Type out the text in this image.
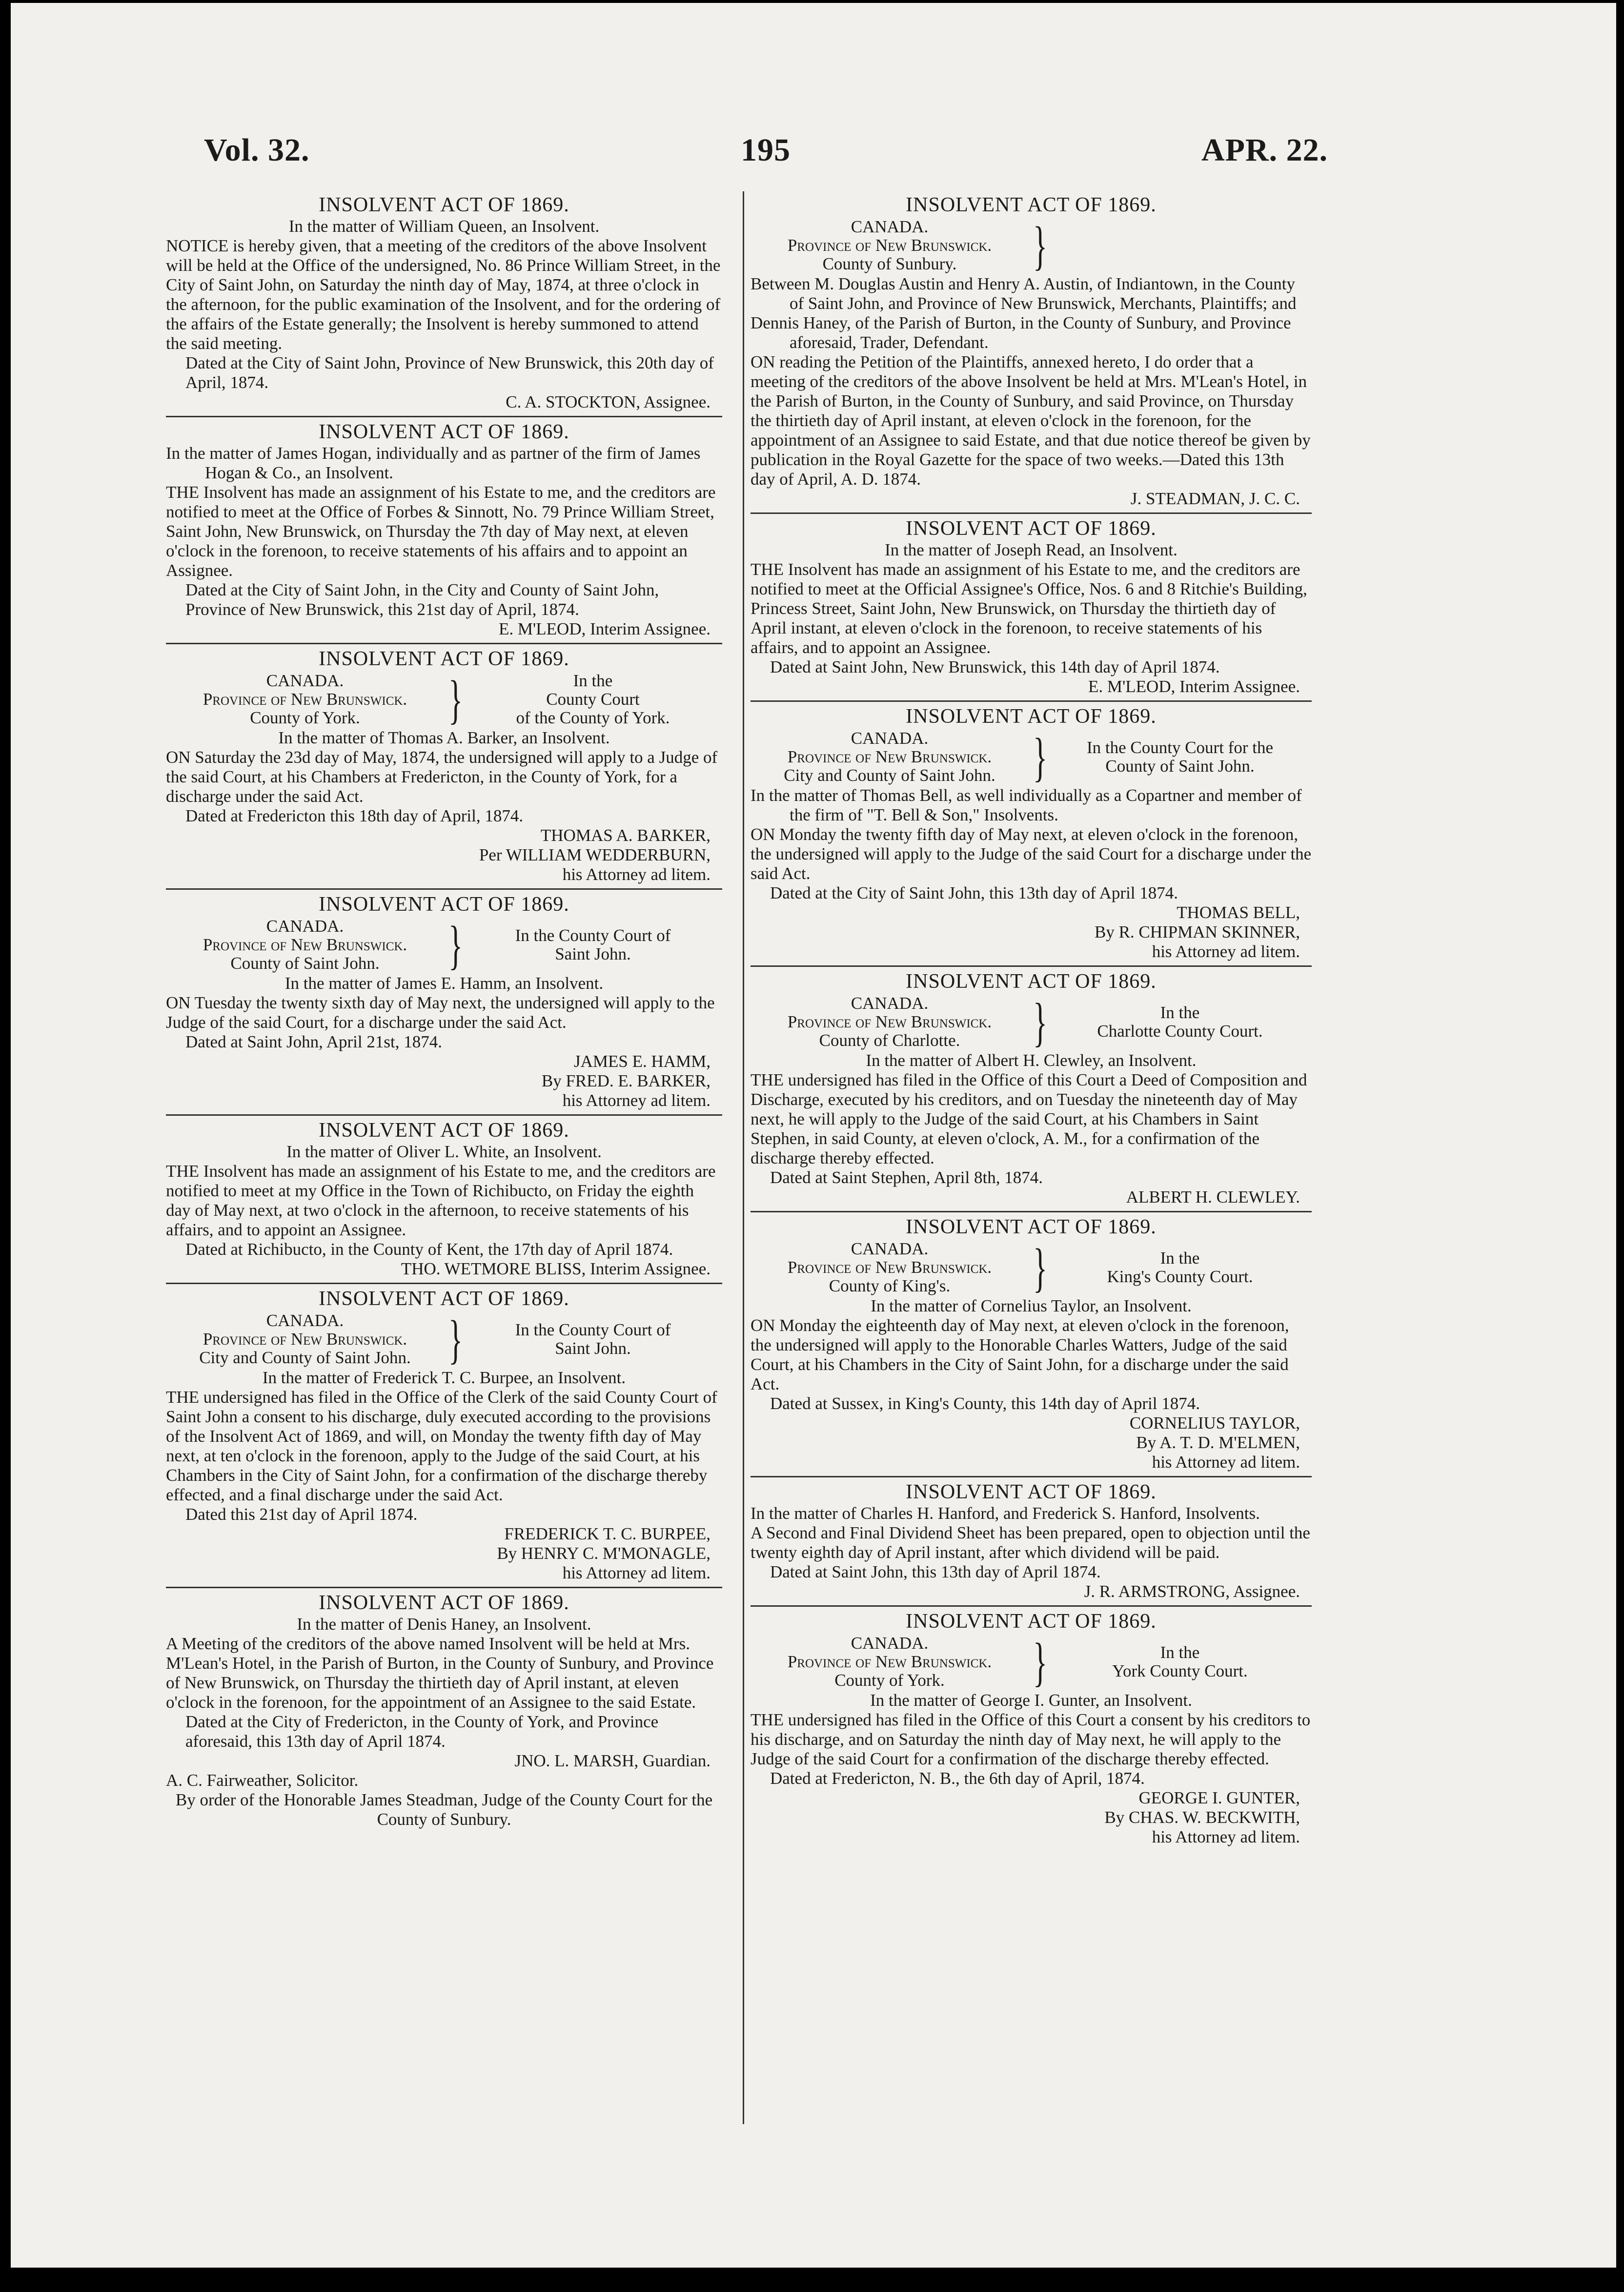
Vol. 32.	195	APR. 22.
INSOLVENT ACT OF 1869.

In the matter of William Queen, an Insolvent.

NOTICE is hereby given, that a meeting of the creditors of the above Insolvent will be held at the Office of the undersigned, No. 86 Prince William Street, in the City of Saint John, on Saturday the ninth day of May, 1874, at three o'clock in the afternoon, for the public examination of the Insolvent, and for the ordering of the affairs of the Estate generally; the Insolvent is hereby summoned to attend the said meeting.

Dated at the City of Saint John, Province of New Brunswick, this 20th day of April, 1874.

C. A. STOCKTON, Assignee.

INSOLVENT ACT OF 1869.

In the matter of James Hogan, individually and as partner of the firm of James Hogan & Co., an Insolvent.

THE Insolvent has made an assignment of his Estate to me, and the creditors are notified to meet at the Office of Forbes & Sinnott, No. 79 Prince William Street, Saint John, New Brunswick, on Thursday the 7th day of May next, at eleven o'clock in the forenoon, to receive statements of his affairs and to appoint an Assignee.

Dated at the City of Saint John, in the City and County of Saint John, Province of New Brunswick, this 21st day of April, 1874.

E. M'LEOD, Interim Assignee.

INSOLVENT ACT OF 1869.
CANADA.
Province of New Brunswick.
County of York.	}	In the
County Court
of the County of York.

In the matter of Thomas A. Barker, an Insolvent.

ON Saturday the 23d day of May, 1874, the undersigned will apply to a Judge of the said Court, at his Chambers at Fredericton, in the County of York, for a discharge under the said Act.

Dated at Fredericton this 18th day of April, 1874.

THOMAS A. BARKER,

Per WILLIAM WEDDERBURN,

his Attorney ad litem.

INSOLVENT ACT OF 1869.
CANADA.
Province of New Brunswick.
County of Saint John.	}	In the County Court of
Saint John.

In the matter of James E. Hamm, an Insolvent.

ON Tuesday the twenty sixth day of May next, the undersigned will apply to the Judge of the said Court, for a discharge under the said Act.

Dated at Saint John, April 21st, 1874.

JAMES E. HAMM,

By FRED. E. BARKER,

his Attorney ad litem.

INSOLVENT ACT OF 1869.

In the matter of Oliver L. White, an Insolvent.

THE Insolvent has made an assignment of his Estate to me, and the creditors are notified to meet at my Office in the Town of Richibucto, on Friday the eighth day of May next, at two o'clock in the afternoon, to receive statements of his affairs, and to appoint an Assignee.

Dated at Richibucto, in the County of Kent, the 17th day of April 1874.

THO. WETMORE BLISS, Interim Assignee.

INSOLVENT ACT OF 1869.
CANADA.
Province of New Brunswick.
City and County of Saint John. }	In the County Court of
Saint John.

In the matter of Frederick T. C. Burpee, an Insolvent.

THE undersigned has filed in the Office of the Clerk of the said County Court of Saint John a consent to his discharge, duly executed according to the provisions of the Insolvent Act of 1869, and will, on Monday the twenty fifth day of May next, at ten o'clock in the forenoon, apply to the Judge of the said Court, at his Chambers in the City of Saint John, for a confirmation of the discharge thereby effected, and a final discharge under the said Act.

Dated this 21st day of April 1874.

FREDERICK T. C. BURPEE,

By HENRY C. M'MONAGLE,

his Attorney ad litem.

INSOLVENT ACT OF 1869.

In the matter of Denis Haney, an Insolvent.

A Meeting of the creditors of the above named Insolvent will be held at Mrs. M'Lean's Hotel, in the Parish of Burton, in the County of Sunbury, and Province of New Brunswick, on Thursday the thirtieth day of April instant, at eleven o'clock in the forenoon, for the appointment of an Assignee to the said Estate.

Dated at the City of Fredericton, in the County of York, and Province aforesaid, this 13th day of April 1874.

JNO. L. MARSH, Guardian.

A. C. Fairweather, Solicitor.

By order of the Honorable James Steadman, Judge of the County Court for the County of Sunbury.

INSOLVENT ACT OF 1869.
CANADA.
Province of New Brunswick.
County of Sunbury.	}

Between M. Douglas Austin and Henry A. Austin, of Indiantown, in the County of Saint John, and Province of New Brunswick, Merchants, Plaintiffs; and

Dennis Haney, of the Parish of Burton, in the County of Sunbury, and Province aforesaid, Trader, Defendant.

ON reading the Petition of the Plaintiffs, annexed hereto, I do order that a meeting of the creditors of the above Insolvent be held at Mrs. M'Lean's Hotel, in the Parish of Burton, in the County of Sunbury, and said Province, on Thursday the thirtieth day of April instant, at eleven o'clock in the forenoon, for the appointment of an Assignee to said Estate, and that due notice thereof be given by publication in the Royal Gazette for the space of two weeks.—Dated this 13th day of April, A. D. 1874.

J. STEADMAN, J. C. C.

INSOLVENT ACT OF 1869.

In the matter of Joseph Read, an Insolvent.

THE Insolvent has made an assignment of his Estate to me, and the creditors are notified to meet at the Official Assignee's Office, Nos. 6 and 8 Ritchie's Building, Princess Street, Saint John, New Brunswick, on Thursday the thirtieth day of April instant, at eleven o'clock in the forenoon, to receive statements of his affairs, and to appoint an Assignee.

Dated at Saint John, New Brunswick, this 14th day of April 1874.

E. M'LEOD, Interim Assignee.

INSOLVENT ACT OF 1869.
CANADA.
Province of New Brunswick.
City and County of Saint John. }	In the County Court for the
County of Saint John.

In the matter of Thomas Bell, as well individually as a Copartner and member of the firm of "T. Bell & Son," Insolvents.

ON Monday the twenty fifth day of May next, at eleven o'clock in the forenoon, the undersigned will apply to the Judge of the said Court for a discharge under the said Act.

Dated at the City of Saint John, this 13th day of April 1874.

THOMAS BELL,

By R. CHIPMAN SKINNER,

his Attorney ad litem.

INSOLVENT ACT OF 1869.
CANADA.
Province of New Brunswick.
County of Charlotte.	}	In the
Charlotte County Court.

In the matter of Albert H. Clewley, an Insolvent.

THE undersigned has filed in the Office of this Court a Deed of Composition and Discharge, executed by his creditors, and on Tuesday the nineteenth day of May next, he will apply to the Judge of the said Court, at his Chambers in Saint Stephen, in said County, at eleven o'clock, A. M., for a confirmation of the discharge thereby effected.

Dated at Saint Stephen, April 8th, 1874.

ALBERT H. CLEWLEY.

INSOLVENT ACT OF 1869.
CANADA.
Province of New Brunswick.
County of King's.	}	In the
King's County Court.

In the matter of Cornelius Taylor, an Insolvent.

ON Monday the eighteenth day of May next, at eleven o'clock in the forenoon, the undersigned will apply to the Honorable Charles Watters, Judge of the said Court, at his Chambers in the City of Saint John, for a discharge under the said Act.

Dated at Sussex, in King's County, this 14th day of April 1874.

CORNELIUS TAYLOR,

By A. T. D. M'ELMEN,

his Attorney ad litem.

INSOLVENT ACT OF 1869.

In the matter of Charles H. Hanford, and Frederick S. Hanford, Insolvents.

A Second and Final Dividend Sheet has been prepared, open to objection until the twenty eighth day of April instant, after which dividend will be paid.

Dated at Saint John, this 13th day of April 1874.

J. R. ARMSTRONG, Assignee.

INSOLVENT ACT OF 1869.
CANADA.
Province of New Brunswick.
County of York.	}	In the
York County Court.

In the matter of George I. Gunter, an Insolvent.

THE undersigned has filed in the Office of this Court a consent by his creditors to his discharge, and on Saturday the ninth day of May next, he will apply to the Judge of the said Court for a confirmation of the discharge thereby effected.

Dated at Fredericton, N. B., the 6th day of April, 1874.

GEORGE I. GUNTER,

By CHAS. W. BECKWITH,

his Attorney ad litem.
